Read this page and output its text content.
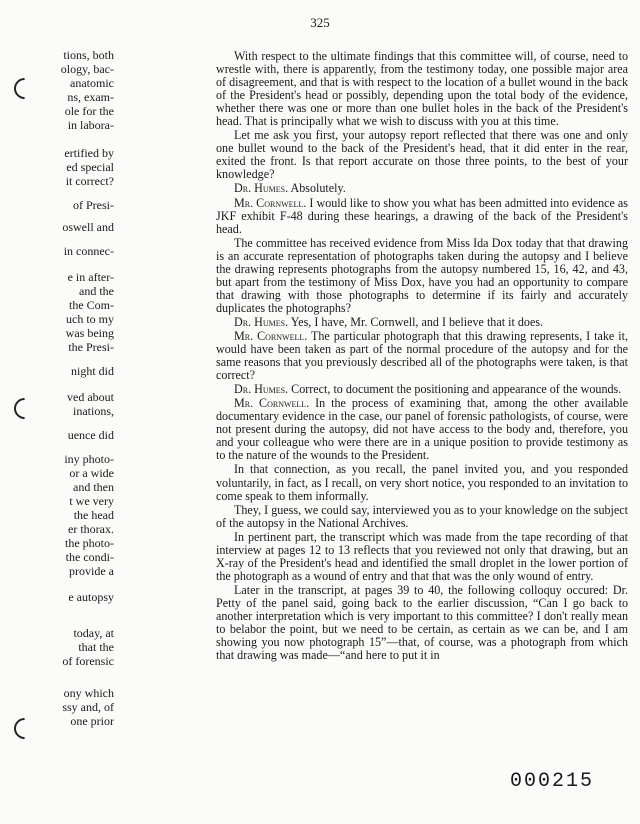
325
tions, both
ology, bac-
anatomic
ns, exam-
ole for the
in labora-
ertified by
ed special
it correct?
of Presi-
oswell and
in connec-
e in after-
and the
the Com-
uch to my
was being
the Presi-
night did
ved about
inations,
uence did
iny photo-
or a wide
and then
t we very
the head
er thorax.
the photo-
the condi-
provide a
e autopsy
today, at
that the
of forensic
ony which
ssy and, of
one prior

With respect to the ultimate findings that this committee will, of course, need to wrestle with, there is apparently, from the testimony today, one possible major area of disagreement, and that is with respect to the location of a bullet wound in the back of the President's head or possibly, depending upon the total body of the evidence, whether there was one or more than one bullet holes in the back of the President's head. That is principally what we wish to discuss with you at this time.

Let me ask you first, your autopsy report reflected that there was one and only one bullet wound to the back of the President's head, that it did enter in the rear, exited the front. Is that report accurate on those three points, to the best of your knowledge?

Dr. Humes. Absolutely.

Mr. Cornwell. I would like to show you what has been admitted into evidence as JKF exhibit F-48 during these hearings, a drawing of the back of the President's head.

The committee has received evidence from Miss Ida Dox today that that drawing is an accurate representation of photographs taken during the autopsy and I believe the drawing represents photographs from the autopsy numbered 15, 16, 42, and 43, but apart from the testimony of Miss Dox, have you had an opportunity to compare that drawing with those photographs to determine if its fairly and accurately duplicates the photographs?

Dr. Humes. Yes, I have, Mr. Cornwell, and I believe that it does.

Mr. Cornwell. The particular photograph that this drawing represents, I take it, would have been taken as part of the normal procedure of the autopsy and for the same reasons that you previously described all of the photographs were taken, is that correct?

Dr. Humes. Correct, to document the positioning and appearance of the wounds.

Mr. Cornwell. In the process of examining that, among the other available documentary evidence in the case, our panel of forensic pathologists, of course, were not present during the autopsy, did not have access to the body and, therefore, you and your colleague who were there are in a unique position to provide testimony as to the nature of the wounds to the President.

In that connection, as you recall, the panel invited you, and you responded voluntarily, in fact, as I recall, on very short notice, you responded to an invitation to come speak to them informally.

They, I guess, we could say, interviewed you as to your knowledge on the subject of the autopsy in the National Archives.

In pertinent part, the transcript which was made from the tape recording of that interview at pages 12 to 13 reflects that you reviewed not only that drawing, but an X-ray of the President's head and identified the small droplet in the lower portion of the photograph as a wound of entry and that that was the only wound of entry.

Later in the transcript, at pages 39 to 40, the following colloquy occured: Dr. Petty of the panel said, going back to the earlier discussion, “Can I go back to another interpretation which is very important to this committee? I don't really mean to belabor the point, but we need to be certain, as certain as we can be, and I am showing you now photograph 15”—that, of course, was a photograph from which that drawing was made—“and here to put it in

000215
